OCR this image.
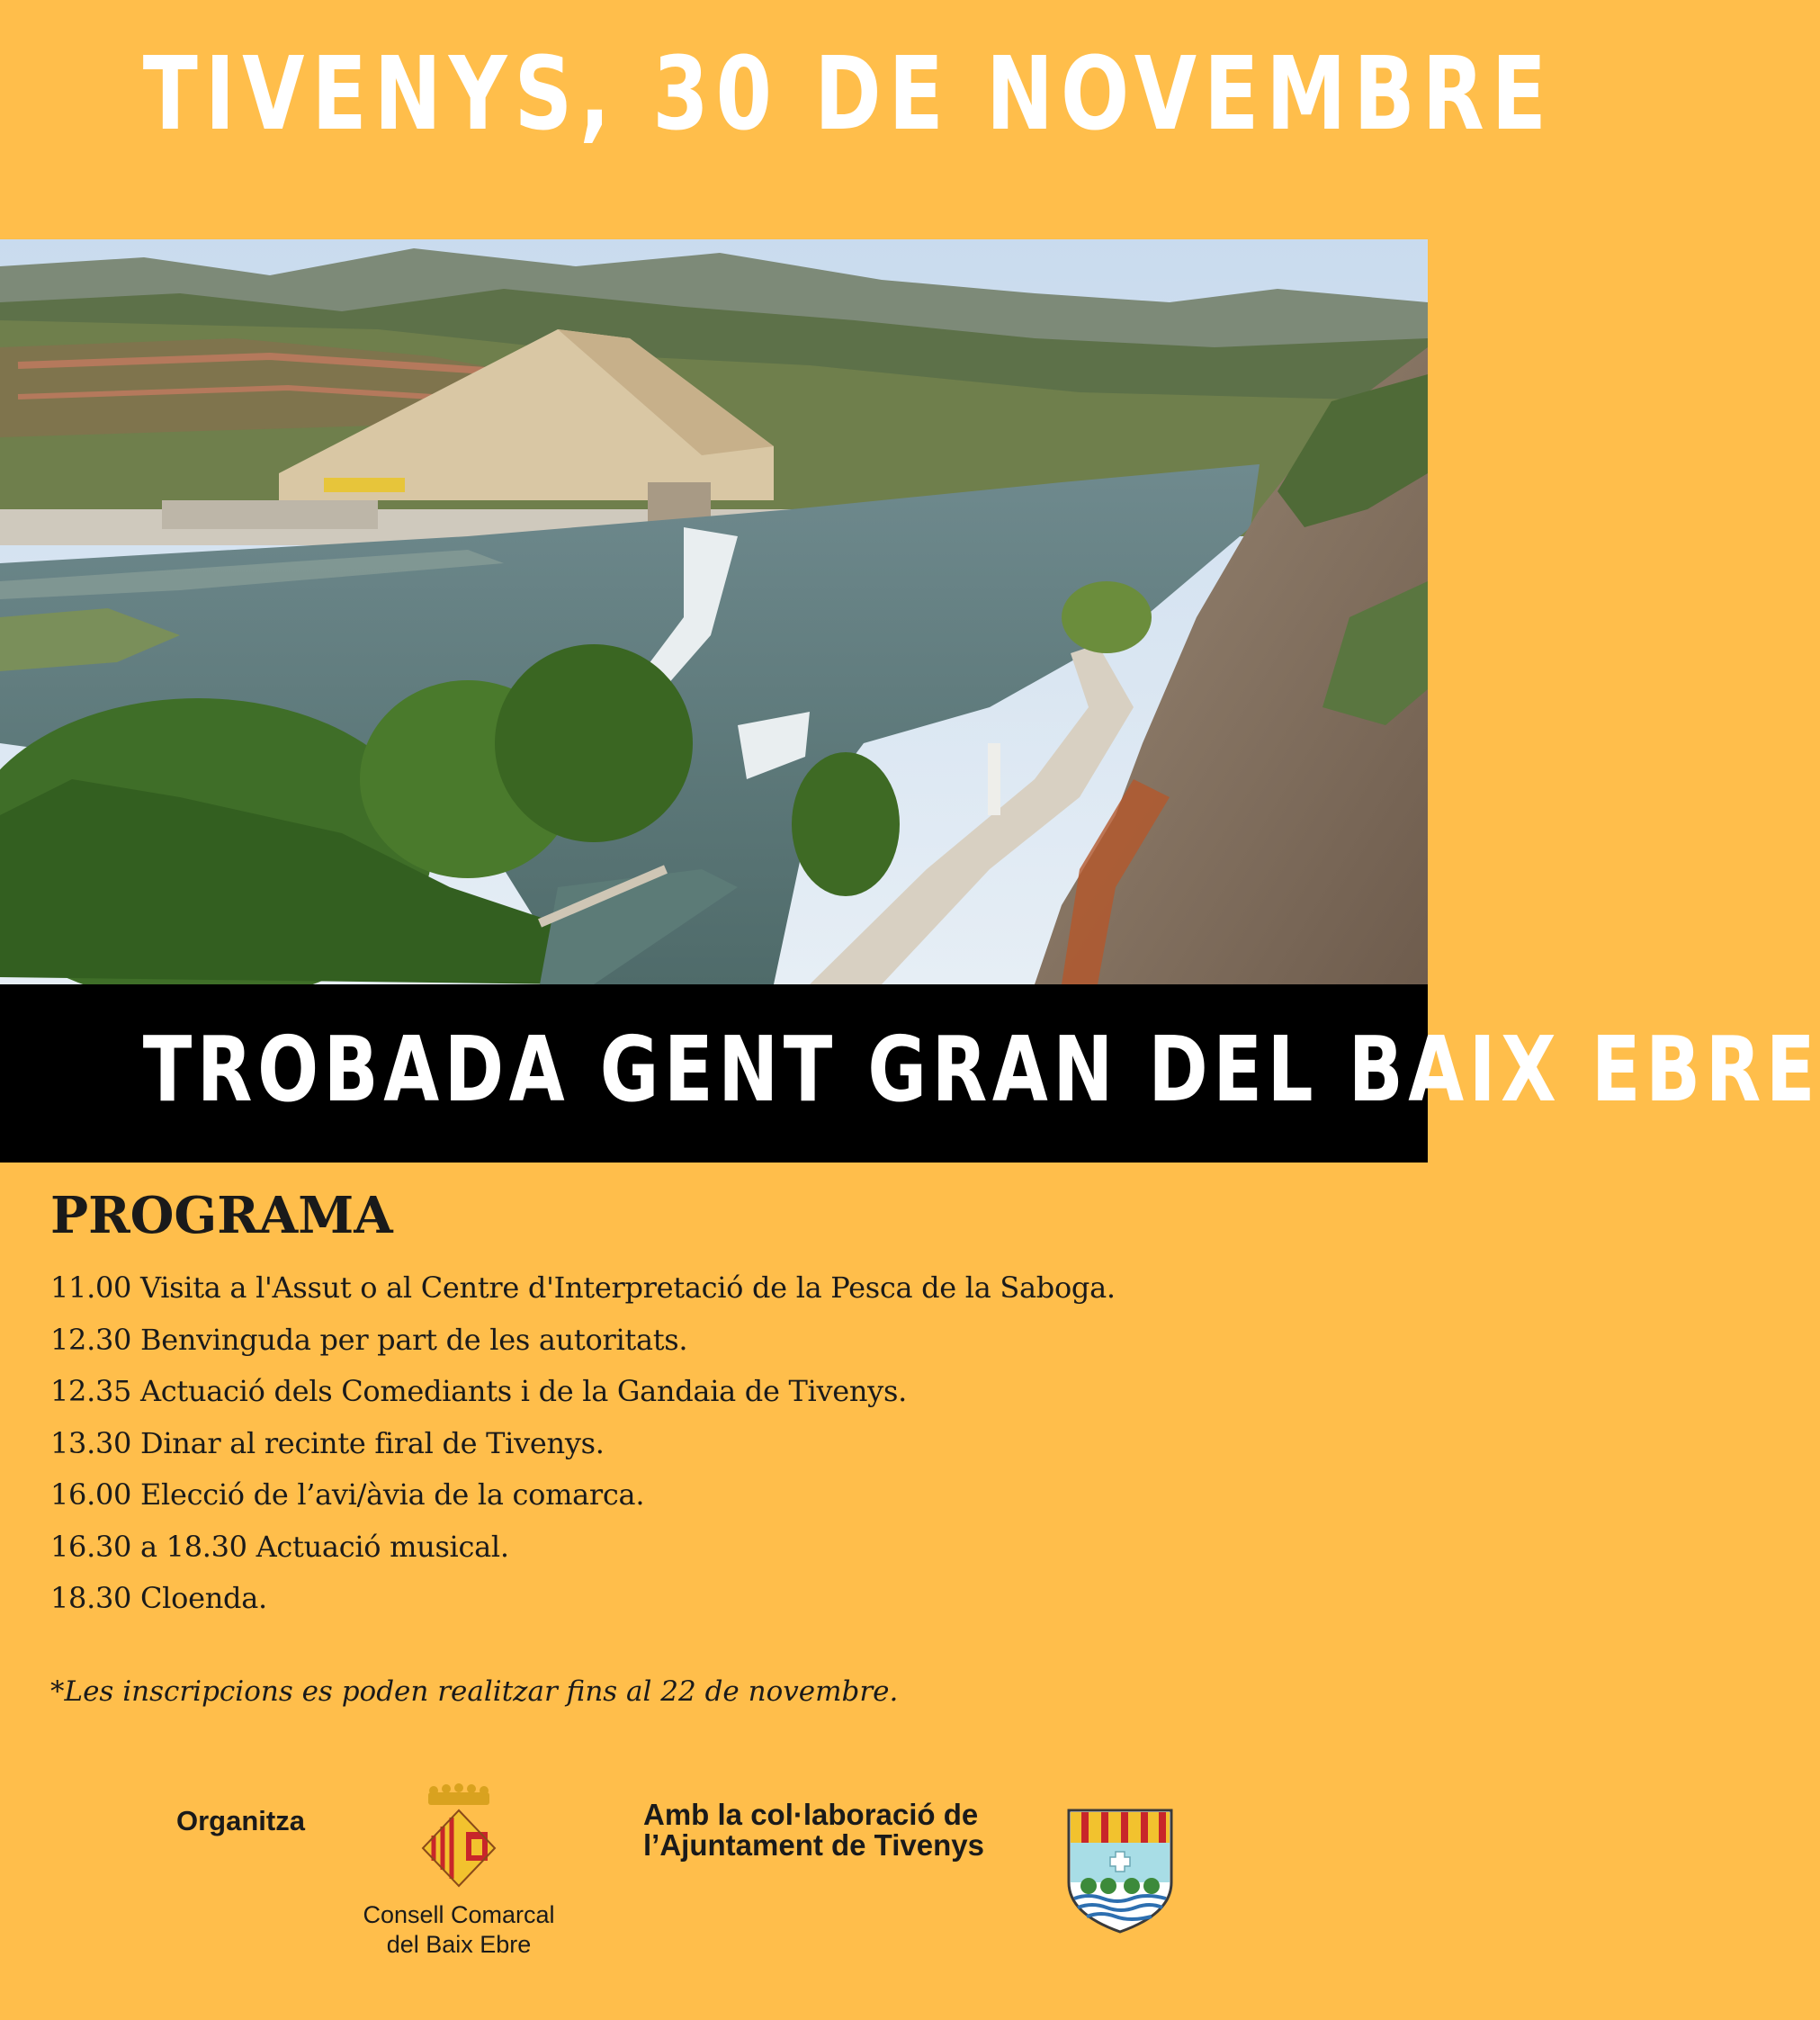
TIVENYS, 30 DE NOVEMBRE
TROBADA GENT GRAN DEL BAIX EBRE
PROGRAMA
11.00 Visita a l'Assut o al Centre d'Interpretació de la Pesca de la Saboga.
12.30 Benvinguda per part de les autoritats.
12.35 Actuació dels Comediants i de la Gandaia de Tivenys.
13.30 Dinar al recinte firal de Tivenys.
16.00 Elecció de l’avi/àvia de la comarca.
16.30 a 18.30 Actuació musical.
18.30 Cloenda.
*Les inscripcions es poden realitzar fins al 22 de novembre.
Organitza
Consell Comarcal
del Baix Ebre
Amb la col·laboració de
l’Ajuntament de Tivenys
